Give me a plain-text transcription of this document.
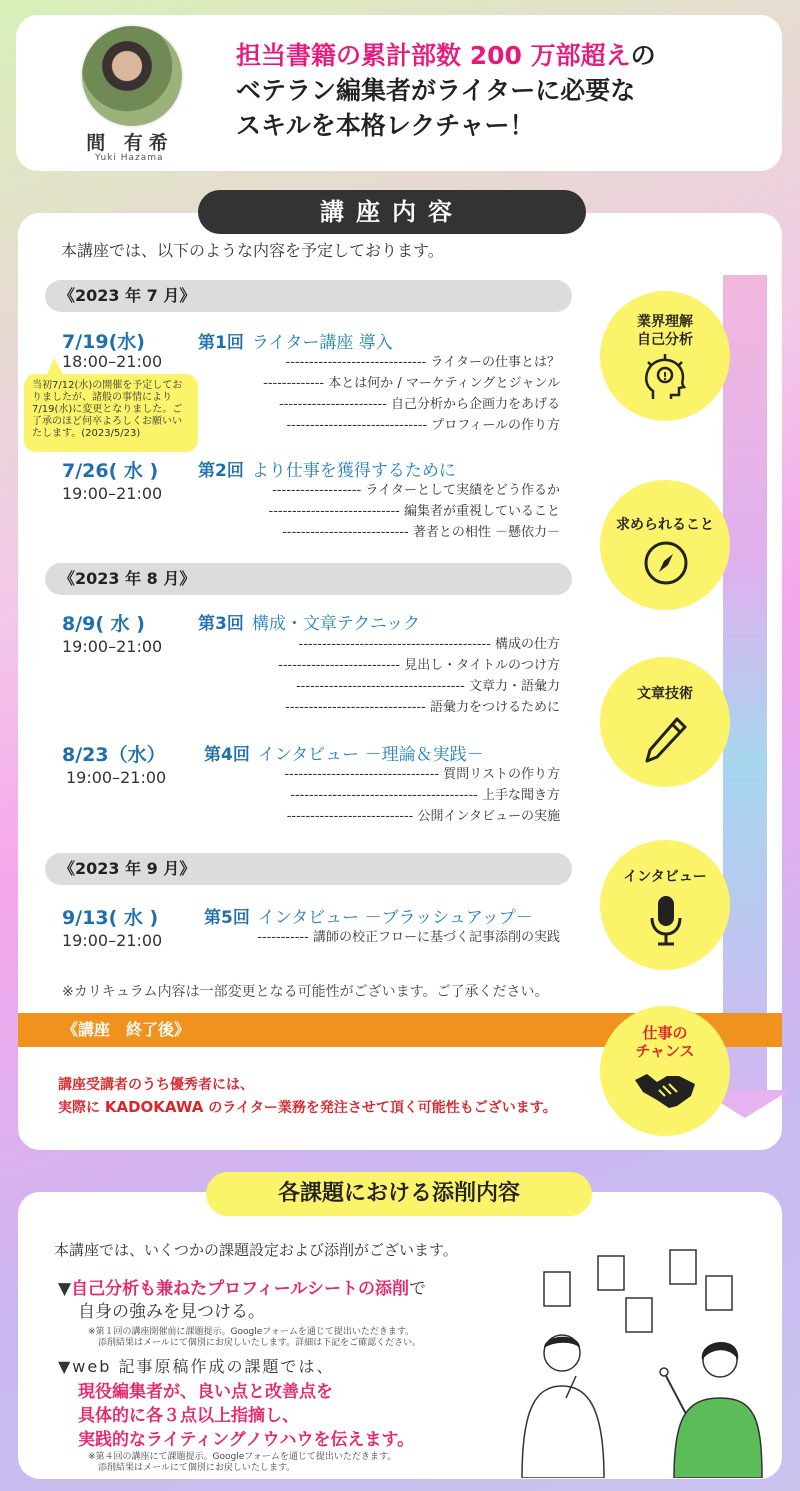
間 有希
Yuki Hazama
担当書籍の累計部数 200 万部超えの
ベテラン編集者がライターに必要な
スキルを本格レクチャー！
講座内容
本講座では、以下のような内容を予定しております。
《2023 年 7 月》
7/19(水)
18:00–21:00
第1回 ライター講座 導入
------------------------------ ライターの仕事とは？
------------- 本とは何か / マーケティングとジャンル
----------------------- 自己分析から企画力をあげる
------------------------------ プロフィールの作り方
当初7/12(水)の開催を予定しておりましたが、諸般の事情により7/19(水)に変更となりました。ご了承のほど何卒よろしくお願いいたします。(2023/5/23)
7/26( 水 )
19:00–21:00
第2回 より仕事を獲得するために
------------------- ライターとして実績をどう作るか
---------------------------- 編集者が重視していること
--------------------------- 著者との相性 －懸依力－
《2023 年 8 月》
8/9( 水 )
19:00–21:00
第3回 構成・文章テクニック
----------------------------------------- 構成の仕方
-------------------------- 見出し・タイトルのつけ方
------------------------------------ 文章力・語彙力
------------------------------ 語彙力をつけるために
8/23（水）
19:00–21:00
第4回 インタビュー －理論＆実践－
--------------------------------- 質問リストの作り方
---------------------------------------- 上手な聞き方
--------------------------- 公開インタビューの実施
《2023 年 9 月》
9/13( 水 )
19:00–21:00
第5回 インタビュー －ブラッシュアップ－
----------- 講師の校正フローに基づく記事添削の実践
※カリキュラム内容は一部変更となる可能性がございます。ご了承ください。
業界理解
自己分析
!
求められること
文章技術
インタビュー
《講座　終了後》	仕事の
チャンス
講座受講者のうち優秀者には、
実際に KADOKAWA のライター業務を発注させて頂く可能性もございます。
各課題における添削内容
本講座では、いくつかの課題設定および添削がございます。
▼自己分析も兼ねたプロフィールシートの添削で
自身の強みを見つける。
※第１回の講座開催前に課題提示。Googleフォームを通じて提出いただきます。
添削結果はメールにて個別にお戻しいたします。詳細は下記をご確認ください。
▼web 記事原稿作成の課題では、
現役編集者が、良い点と改善点を
具体的に各３点以上指摘し、
実践的なライティングノウハウを伝えます。
※第４回の講座にて課題提示。Googleフォームを通じて提出いただきます。
添削結果はメールにて個別にお戻しいたします。
